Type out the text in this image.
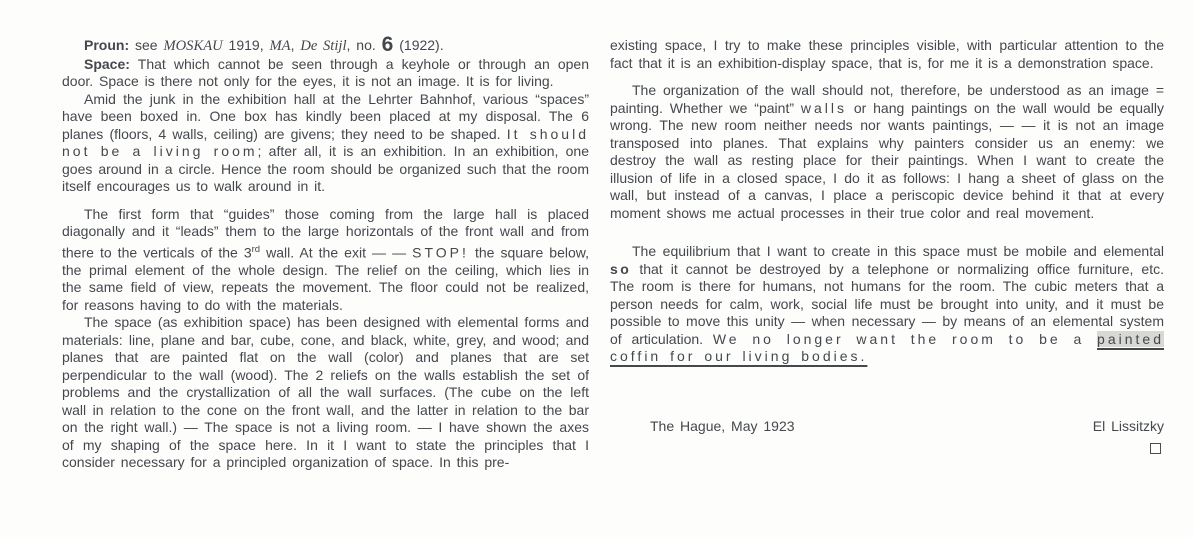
Proun: see MOSKAU 1919, MA, De Stijl, no. 6 (1922).

Space: That which cannot be seen through a keyhole or through an open door. Space is there not only for the eyes, it is not an image. It is for living.

Amid the junk in the exhibition hall at the Lehrter Bahnhof, various “spaces” have been boxed in. One box has kindly been placed at my disposal. The 6 planes (floors, 4 walls, ceiling) are givens; they need to be shaped. It should not be a living room; after all, it is an exhibition. In an exhibition, one goes around in a circle. Hence the room should be organized such that the room itself encourages us to walk around in it.

The first form that “guides” those coming from the large hall is placed diagonally and it “leads” them to the large horizontals of the front wall and from there to the verticals of the 3rd wall. At the exit — — STOP! the square below, the primal element of the whole design. The relief on the ceiling, which lies in the same field of view, repeats the movement. The floor could not be realized, for reasons having to do with the materials.

The space (as exhibition space) has been designed with elemental forms and materials: line, plane and bar, cube, cone, and black, white, grey, and wood; and planes that are painted flat on the wall (color) and planes that are set perpendicular to the wall (wood). The 2 reliefs on the walls establish the set of problems and the crystallization of all the wall surfaces. (The cube on the left wall in relation to the cone on the front wall, and the latter in relation to the bar on the right wall.) — The space is not a living room. — I have shown the axes of my shaping of the space here. In it I want to state the principles that I consider necessary for a principled organization of space. In this pre-

existing space, I try to make these principles visible, with particular attention to the fact that it is an exhibition-display space, that is, for me it is a demonstration space.

The organization of the wall should not, therefore, be understood as an image = painting. Whether we “paint” walls or hang paintings on the wall would be equally wrong. The new room neither needs nor wants paintings, — — it is not an image transposed into planes. That explains why painters consider us an enemy: we destroy the wall as resting place for their paintings. When I want to create the illusion of life in a closed space, I do it as follows: I hang a sheet of glass on the wall, but instead of a canvas, I place a periscopic device behind it that at every moment shows me actual processes in their true color and real movement.

The equilibrium that I want to create in this space must be mobile and elemental so that it cannot be destroyed by a telephone or normalizing office furniture, etc. The room is there for humans, not humans for the room. The cubic meters that a person needs for calm, work, social life must be brought into unity, and it must be possible to move this unity — when necessary — by means of an elemental system of articulation. We no longer want the room to be a painted coffin for our living bodies.

The Hague, May 1923	El Lissitzky
